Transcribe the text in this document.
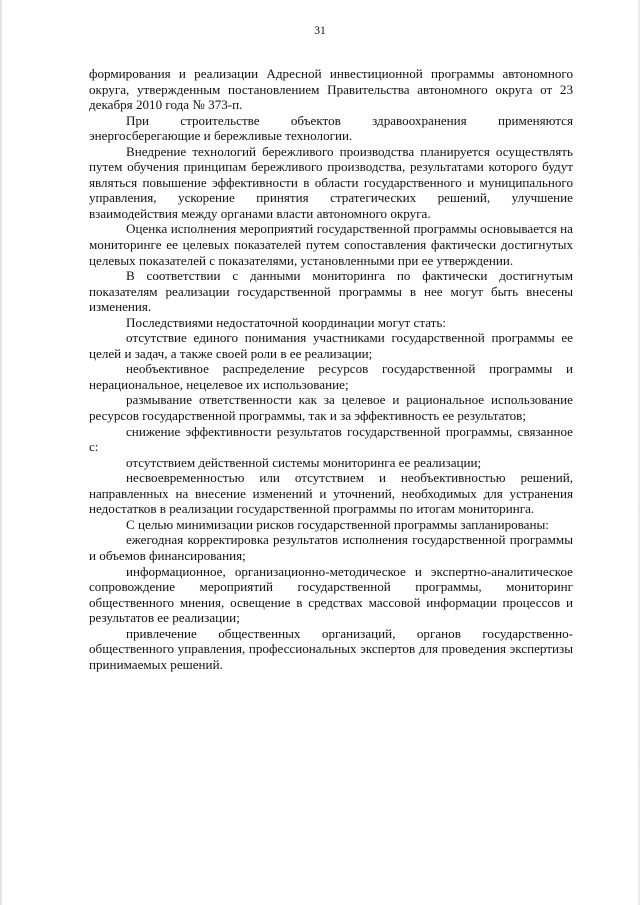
31

формирования и реализации Адресной инвестиционной программы автономного округа, утвержденным постановлением Правительства автономного округа от 23 декабря 2010 года № 373-п.

При строительстве объектов здравоохранения применяются энергосберегающие и бережливые технологии.

Внедрение технологий бережливого производства планируется осуществлять путем обучения принципам бережливого производства, результатами которого будут являться повышение эффективности в области государственного и муниципального управления, ускорение принятия стратегических решений, улучшение взаимодействия между органами власти автономного округа.

Оценка исполнения мероприятий государственной программы основывается на мониторинге ее целевых показателей путем сопоставления фактически достигнутых целевых показателей с показателями, установленными при ее утверждении.

В соответствии с данными мониторинга по фактически достигнутым показателям реализации государственной программы в нее могут быть внесены изменения.

Последствиями недостаточной координации могут стать:

отсутствие единого понимания участниками государственной программы ее целей и задач, а также своей роли в ее реализации;

необъективное распределение ресурсов государственной программы и нерациональное, нецелевое их использование;

размывание ответственности как за целевое и рациональное использование ресурсов государственной программы, так и за эффективность ее результатов;

снижение эффективности результатов государственной программы, связанное с:

отсутствием действенной системы мониторинга ее реализации;

несвоевременностью или отсутствием и необъективностью решений, направленных на внесение изменений и уточнений, необходимых для устранения недостатков в реализации государственной программы по итогам мониторинга.

С целью минимизации рисков государственной программы запланированы:

ежегодная корректировка результатов исполнения государственной программы и объемов финансирования;

информационное, организационно-методическое и экспертно-аналитическое сопровождение мероприятий государственной программы, мониторинг общественного мнения, освещение в средствах массовой информации процессов и результатов ее реализации;

привлечение общественных организаций, органов государственно-общественного управления, профессиональных экспертов для проведения экспертизы принимаемых решений.
